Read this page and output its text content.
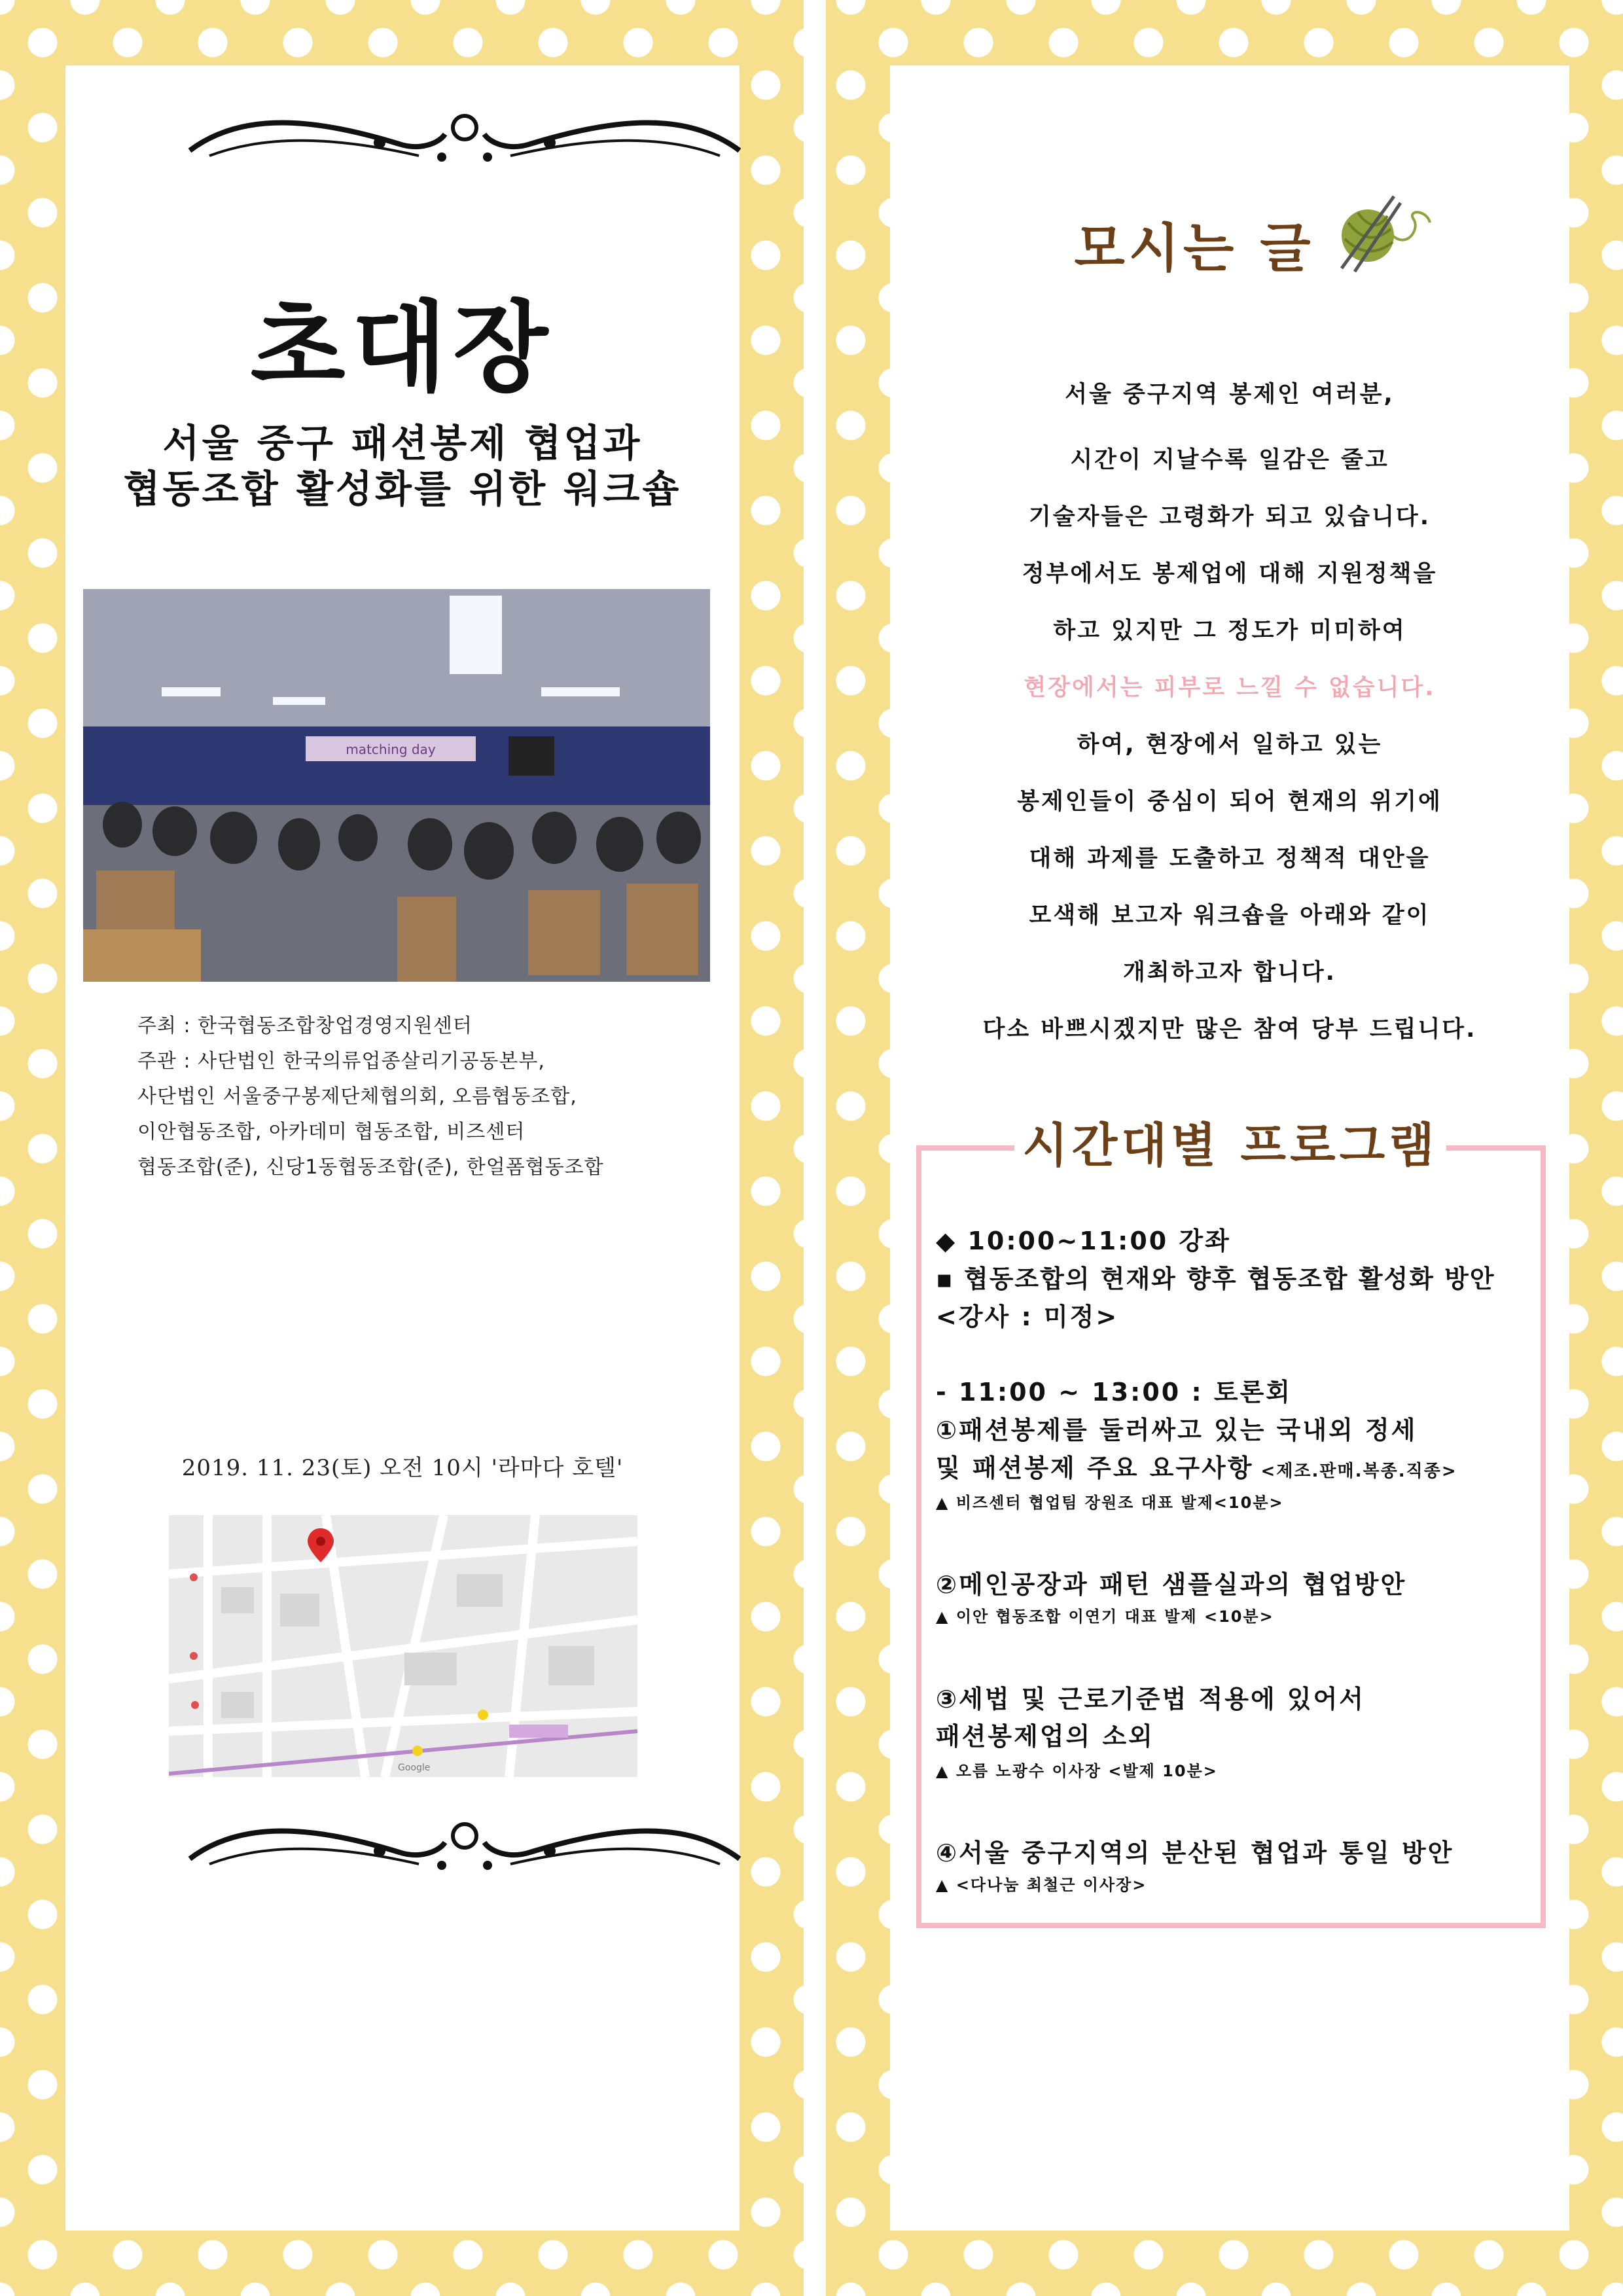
초대장
서울 중구 패션봉제 협업과
협동조합 활성화를 위한 워크숍
matching day
주최 : 한국협동조합창업경영지원센터
주관 : 사단법인 한국의류업종살리기공동본부,
사단법인 서울중구봉제단체협의회, 오름협동조합,
이안협동조합, 아카데미 협동조합, 비즈센터
협동조합(준), 신당1동협동조합(준), 한얼폼협동조합
2019. 11. 23(토) 오전 10시 '라마다 호텔'
Google
모시는 글
서울 중구지역 봉제인 여러분,
시간이 지날수록 일감은 줄고
기술자들은 고령화가 되고 있습니다.
정부에서도 봉제업에 대해 지원정책을
하고 있지만 그 정도가 미미하여
현장에서는 피부로 느낄 수 없습니다.
하여, 현장에서 일하고 있는
봉제인들이 중심이 되어 현재의 위기에
대해 과제를 도출하고 정책적 대안을
모색해 보고자 워크숍을 아래와 같이
개최하고자 합니다.
다소 바쁘시겠지만 많은 참여 당부 드립니다.
시간대별 프로그램
◆ 10:00~11:00 강좌
▪ 협동조합의 현재와 향후 협동조합 활성화 방안
<강사 : 미정>
- 11:00 ~ 13:00 : 토론회
①패션봉제를 둘러싸고 있는 국내외 정세
및 패션봉제 주요 요구사항 <제조.판매.복종.직종>
▲ 비즈센터 협업팀 장원조 대표 발제<10분>
②메인공장과 패턴 샘플실과의 협업방안
▲ 이안 협동조합 이연기 대표 발제 <10분>
③세법 및 근로기준법 적용에 있어서
패션봉제업의 소외
▲ 오름 노광수 이사장 <발제 10분>
④서울 중구지역의 분산된 협업과 통일 방안
▲ <다나눔 최철근 이사장>
